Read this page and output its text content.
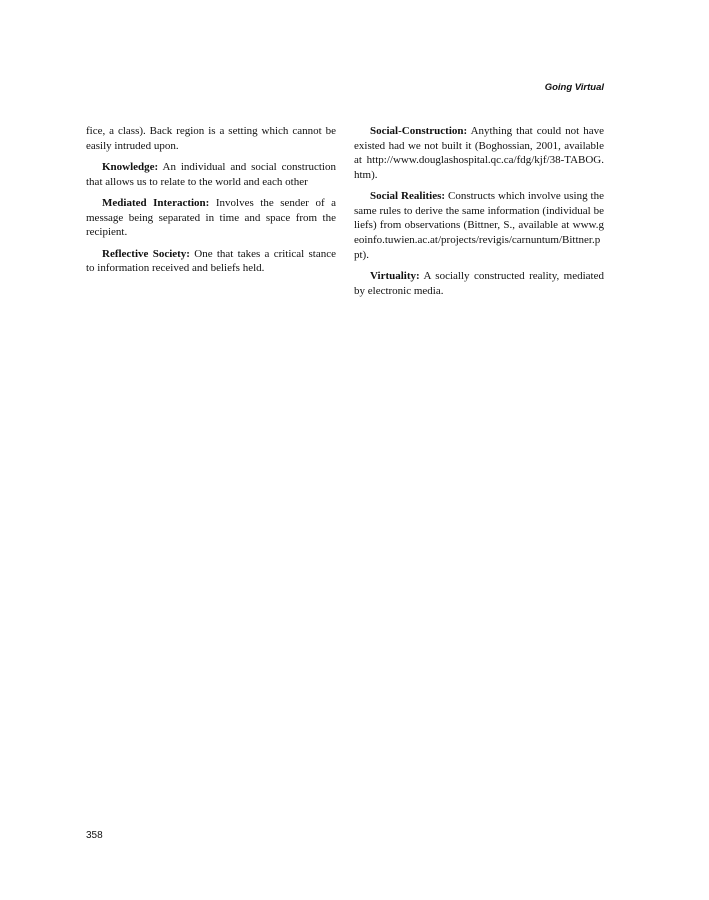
Going Virtual

fice, a class). Back region is a setting which cannot be easily intruded upon.

Knowledge: An individual and social construction that allows us to relate to the world and each other

Mediated Interaction: Involves the sender of a message being separated in time and space from the recipient.

Reflective Society: One that takes a critical stance to information received and beliefs held.

Social-Construction: Anything that could not have existed had we not built it (Boghossian, 2001, available at http://www.douglashospital.qc.ca/fdg/kjf/38-TABOG.htm).

Social Realities: Constructs which involve using the same rules to derive the same information (individual beliefs) from observations (Bittner, S., available at www.geoinfo.tuwien.ac.at/projects/revigis/carnuntum/Bittner.ppt).

Virtuality: A socially constructed reality, mediated by electronic media.

358
